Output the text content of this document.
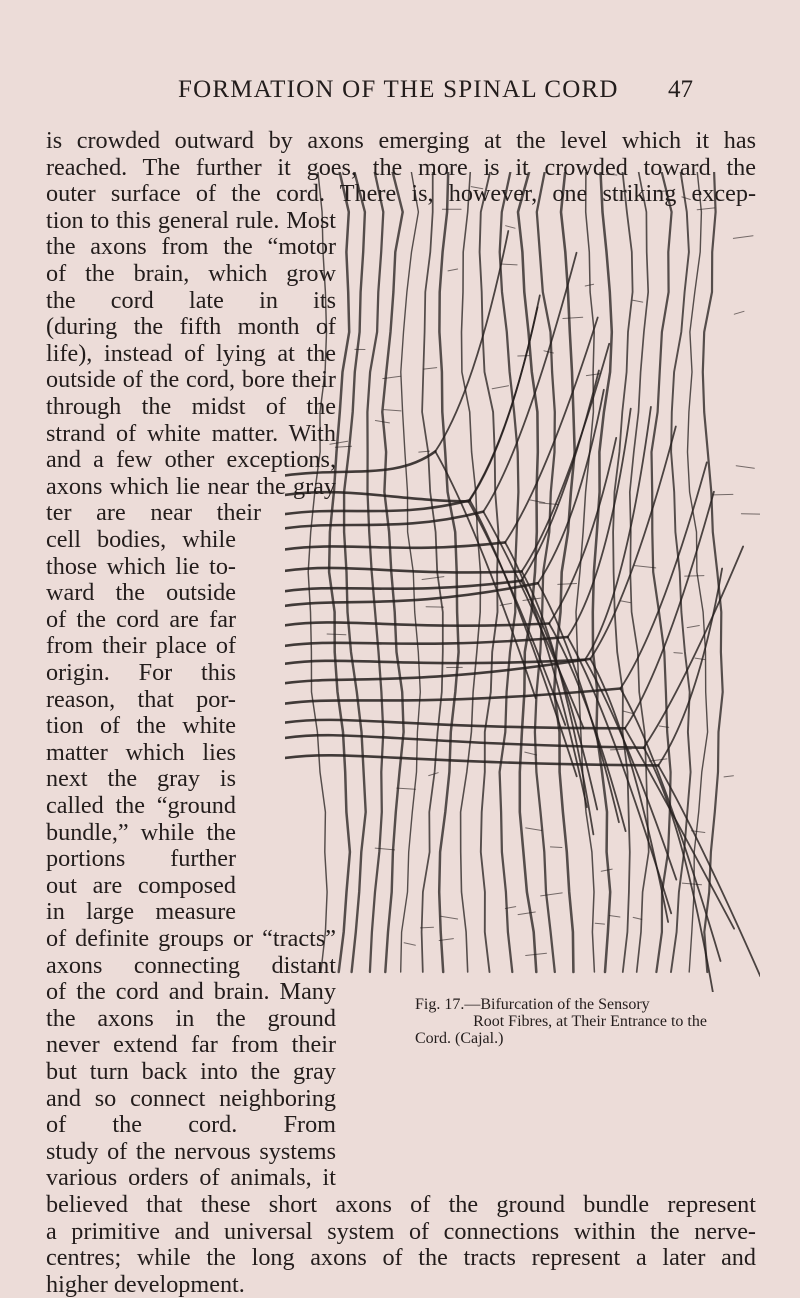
FORMATION OF THE SPINAL CORD 47
is crowded outward by axons emerging at the level which it has
reached. The further it goes, the more is it crowded toward the
outer surface of the cord. There is, however, one striking excep-
tion to this general rule. Most
the axons from the “motor
of the brain, which grow
the cord late in its
(during the fifth month of
life), instead of lying at the
outside of the cord, bore their
through the midst of the
strand of white matter. With
and a few other exceptions,
axons which lie near the gray
ter are near their
cell bodies, while
those which lie to-
ward the outside
of the cord are far
from their place of
origin. For this
reason, that por-
tion of the white
matter which lies
next the gray is
called the “ground
bundle,” while the
portions further
out are composed
in large measure
of definite groups or “tracts”
axons connecting distant
of the cord and brain. Many
the axons in the ground
never extend far from their
but turn back into the gray
and so connect neighboring
of the cord. From
study of the nervous systems
various orders of animals, it
believed that these short axons of the ground bundle represent
a primitive and universal system of connections within the nerve-
centres; while the long axons of the tracts represent a later and
higher development.
Fig. 17.—Bifurcation of the Sensory
Root Fibres, at Their Entrance to the
Cord. (Cajal.)
